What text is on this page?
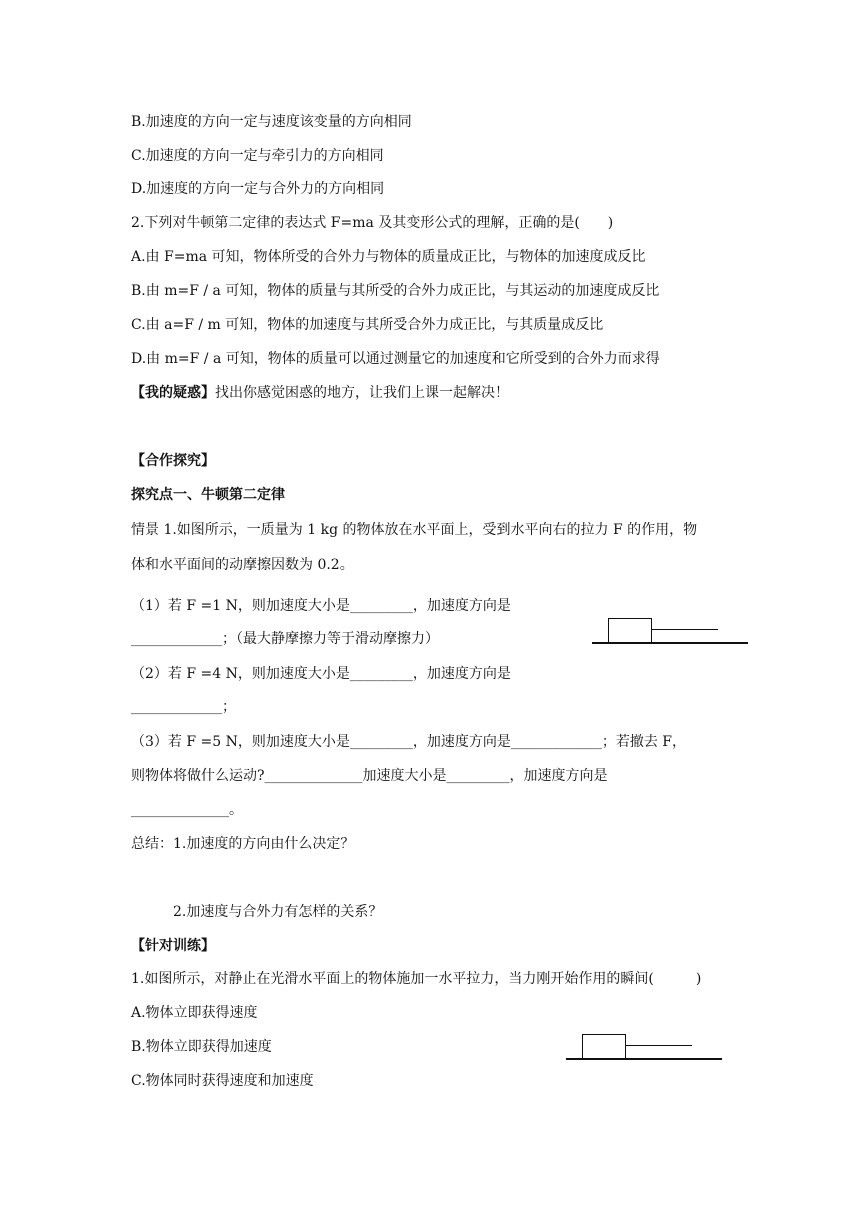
B.加速度的方向一定与速度该变量的方向相同
C.加速度的方向一定与牵引力的方向相同
D.加速度的方向一定与合外力的方向相同
2.下列对牛顿第二定律的表达式 F=ma 及其变形公式的理解，正确的是(　　)
A.由 F=ma 可知，物体所受的合外力与物体的质量成正比，与物体的加速度成反比
B.由 m=F / a 可知，物体的质量与其所受的合外力成正比，与其运动的加速度成反比
C.由 a=F / m 可知，物体的加速度与其所受合外力成正比，与其质量成反比
D.由 m=F / a 可知，物体的质量可以通过测量它的加速度和它所受到的合外力而求得
【我的疑惑】找出你感觉困惑的地方，让我们上课一起解决！
【合作探究】
探究点一、牛顿第二定律
情景 1.如图所示，一质量为 1 kg 的物体放在水平面上，受到水平向右的拉力 F 的作用，物
体和水平面间的动摩擦因数为 0.2。
（1）若 F =1 N，则加速度大小是_________，加速度方向是
_____________；（最大静摩擦力等于滑动摩擦力）
（2）若 F =4 N，则加速度大小是_________，加速度方向是
_____________；
（3）若 F =5 N，则加速度大小是_________，加速度方向是_____________；若撤去 F，
则物体将做什么运动?______________加速度大小是_________，加速度方向是
______________。
总结：1.加速度的方向由什么决定？
2.加速度与合外力有怎样的关系？
【针对训练】
1.如图所示，对静止在光滑水平面上的物体施加一水平拉力，当力刚开始作用的瞬间(　　　)
A.物体立即获得速度
B.物体立即获得加速度
C.物体同时获得速度和加速度
